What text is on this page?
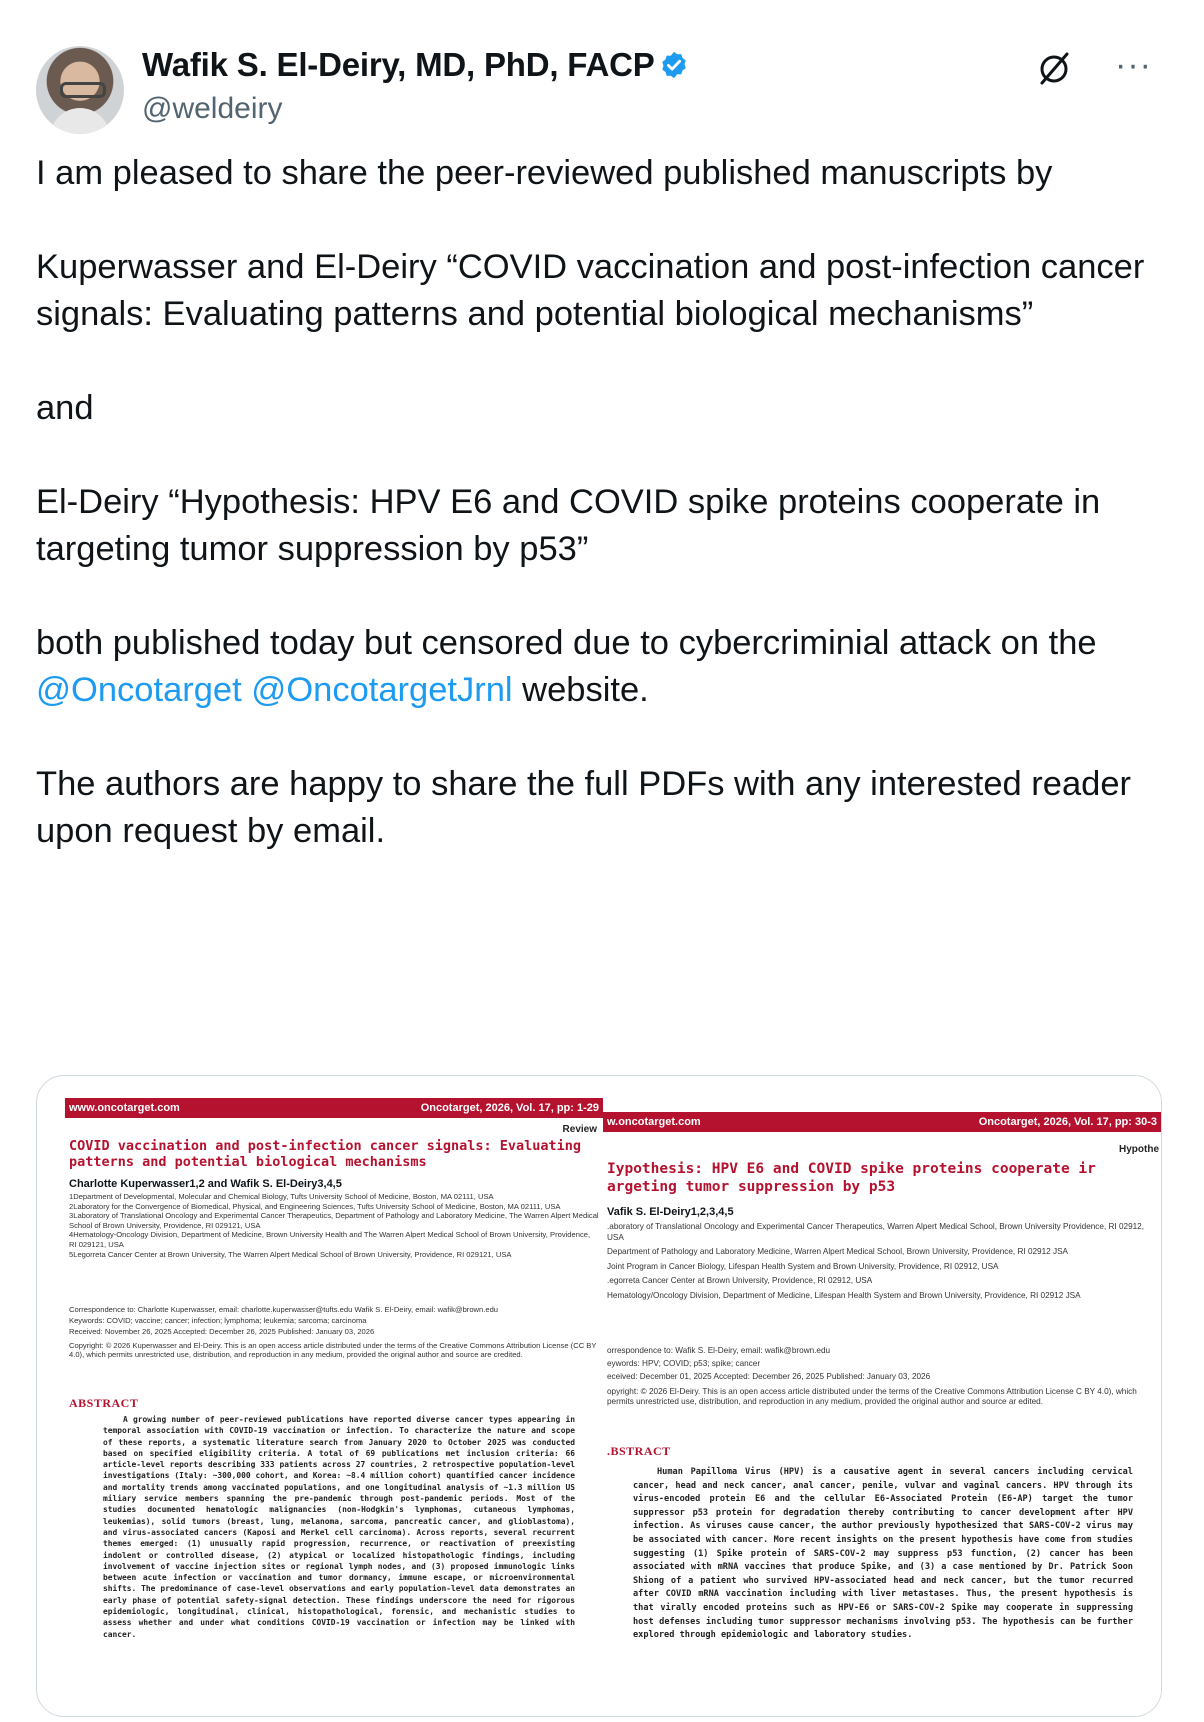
Wafik S. El-Deiry, MD, PhD, FACP
@weldeiry
···

I am pleased to share the peer-reviewed published manuscripts by

Kuperwasser and El-Deiry “COVID vaccination and post-infection cancer signals: Evaluating patterns and potential biological mechanisms”

and

El-Deiry “Hypothesis: HPV E6 and COVID spike proteins cooperate in targeting tumor suppression by p53”

both published today but censored due to cybercriminial attack on the @Oncotarget @OncotargetJrnl website.

The authors are happy to share the full PDFs with any interested reader upon request by email.

www.oncotarget.com	Oncotarget, 2026, Vol. 17, pp: 1-29
Review
COVID vaccination and post-infection cancer signals: Evaluating patterns and potential biological mechanisms
Charlotte Kuperwasser1,2 and Wafik S. El-Deiry3,4,5
1Department of Developmental, Molecular and Chemical Biology, Tufts University School of Medicine, Boston, MA 02111, USA
2Laboratory for the Convergence of Biomedical, Physical, and Engineering Sciences, Tufts University School of Medicine, Boston, MA 02111, USA
3Laboratory of Translational Oncology and Experimental Cancer Therapeutics, Department of Pathology and Laboratory Medicine, The Warren Alpert Medical School of Brown University, Providence, RI 029121, USA
4Hematology-Oncology Division, Department of Medicine, Brown University Health and The Warren Alpert Medical School of Brown University, Providence, RI 029121, USA
5Legorreta Cancer Center at Brown University, The Warren Alpert Medical School of Brown University, Providence, RI 029121, USA
Correspondence to: Charlotte Kuperwasser, email: charlotte.kuperwasser@tufts.edu Wafik S. El-Deiry, email: wafik@brown.edu
Keywords: COVID; vaccine; cancer; infection; lymphoma; leukemia; sarcoma; carcinoma
Received: November 26, 2025 Accepted: December 26, 2025 Published: January 03, 2026
Copyright: © 2026 Kuperwasser and El-Deiry. This is an open access article distributed under the terms of the Creative Commons Attribution License (CC BY 4.0), which permits unrestricted use, distribution, and reproduction in any medium, provided the original author and source are credited.
ABSTRACT
A growing number of peer-reviewed publications have reported diverse cancer types appearing in temporal association with COVID-19 vaccination or infection. To characterize the nature and scope of these reports, a systematic literature search from January 2020 to October 2025 was conducted based on specified eligibility criteria. A total of 69 publications met inclusion criteria: 66 article-level reports describing 333 patients across 27 countries, 2 retrospective population-level investigations (Italy: ~300,000 cohort, and Korea: ~8.4 million cohort) quantified cancer incidence and mortality trends among vaccinated populations, and one longitudinal analysis of ~1.3 million US miliary service members spanning the pre-pandemic through post-pandemic periods. Most of the studies documented hematologic malignancies (non-Hodgkin's lymphomas, cutaneous lymphomas, leukemias), solid tumors (breast, lung, melanoma, sarcoma, pancreatic cancer, and glioblastoma), and virus-associated cancers (Kaposi and Merkel cell carcinoma). Across reports, several recurrent themes emerged: (1) unusually rapid progression, recurrence, or reactivation of preexisting indolent or controlled disease, (2) atypical or localized histopathologic findings, including involvement of vaccine injection sites or regional lymph nodes, and (3) proposed immunologic links between acute infection or vaccination and tumor dormancy, immune escape, or microenvironmental shifts. The predominance of case-level observations and early population-level data demonstrates an early phase of potential safety-signal detection. These findings underscore the need for rigorous epidemiologic, longitudinal, clinical, histopathological, forensic, and mechanistic studies to assess whether and under what conditions COVID-19 vaccination or infection may be linked with cancer.
w.oncotarget.com	Oncotarget, 2026, Vol. 17, pp: 30-3
Hypothe
Iypothesis: HPV E6 and COVID spike proteins cooperate ir argeting tumor suppression by p53
Vafik S. El-Deiry1,2,3,4,5
.aboratory of Translational Oncology and Experimental Cancer Therapeutics, Warren Alpert Medical School, Brown University Providence, RI 02912, USA
Department of Pathology and Laboratory Medicine, Warren Alpert Medical School, Brown University, Providence, RI 02912 JSA
Joint Program in Cancer Biology, Lifespan Health System and Brown University, Providence, RI 02912, USA
.egorreta Cancer Center at Brown University, Providence, RI 02912, USA
Hematology/Oncology Division, Department of Medicine, Lifespan Health System and Brown University, Providence, RI 02912 JSA
orrespondence to: Wafik S. El-Deiry, email: wafik@brown.edu
eywords: HPV; COVID; p53; spike; cancer
eceived: December 01, 2025 Accepted: December 26, 2025 Published: January 03, 2026
opyright: © 2026 El-Deiry. This is an open access article distributed under the terms of the Creative Commons Attribution License C BY 4.0), which permits unrestricted use, distribution, and reproduction in any medium, provided the original author and source ar edited.
.BSTRACT
Human Papilloma Virus (HPV) is a causative agent in several cancers including cervical cancer, head and neck cancer, anal cancer, penile, vulvar and vaginal cancers. HPV through its virus-encoded protein E6 and the cellular E6-Associated Protein (E6-AP) target the tumor suppressor p53 protein for degradation thereby contributing to cancer development after HPV infection. As viruses cause cancer, the author previously hypothesized that SARS-COV-2 virus may be associated with cancer. More recent insights on the present hypothesis have come from studies suggesting (1) Spike protein of SARS-COV-2 may suppress p53 function, (2) cancer has been associated with mRNA vaccines that produce Spike, and (3) a case mentioned by Dr. Patrick Soon Shiong of a patient who survived HPV-associated head and neck cancer, but the tumor recurred after COVID mRNA vaccination including with liver metastases. Thus, the present hypothesis is that virally encoded proteins such as HPV-E6 or SARS-COV-2 Spike may cooperate in suppressing host defenses including tumor suppressor mechanisms involving p53. The hypothesis can be further explored through epidemiologic and laboratory studies.
